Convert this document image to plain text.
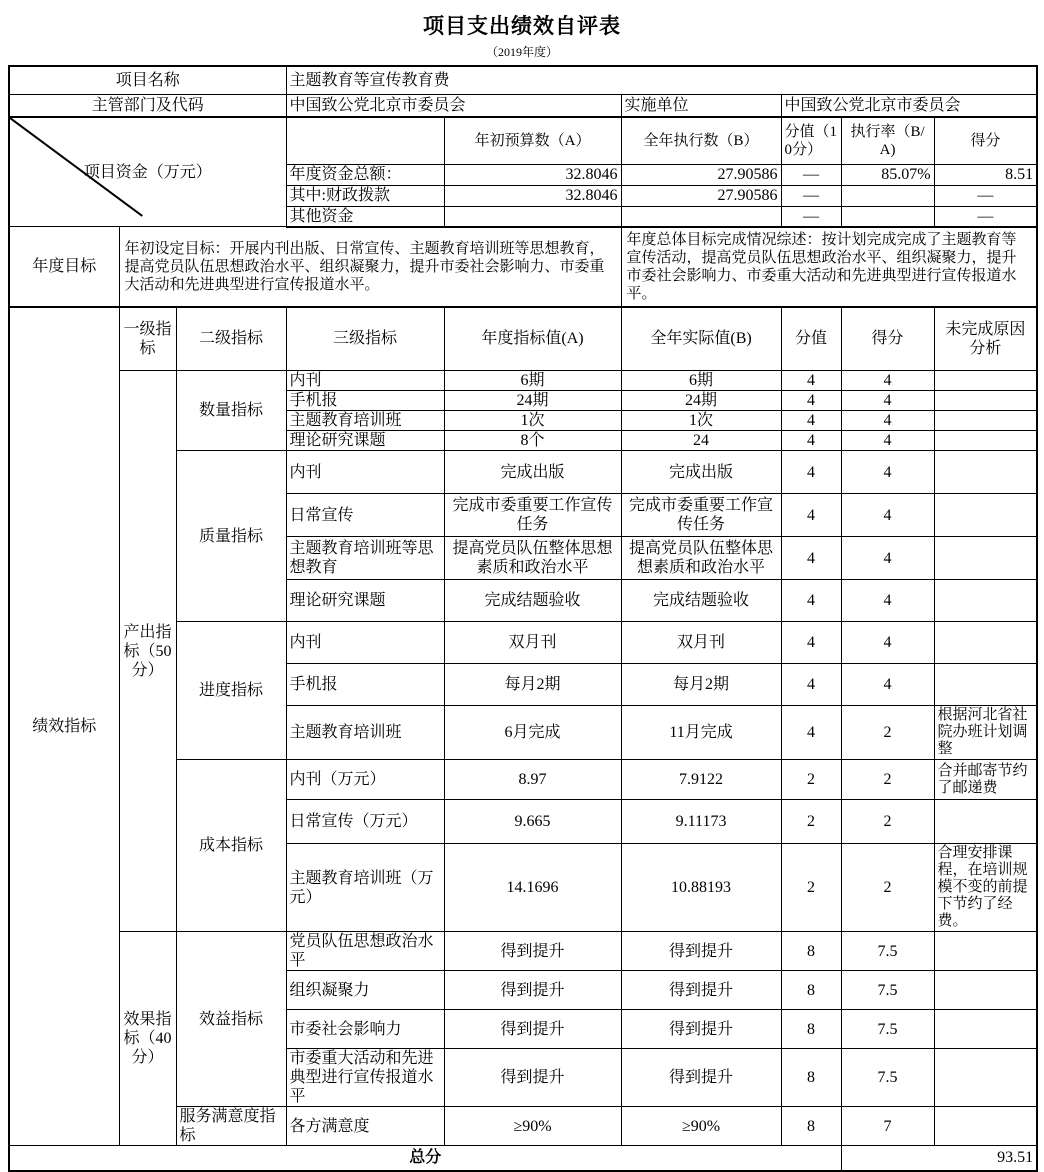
项目支出绩效自评表
（2019年度）
项目名称			主题教育等宣传教育费					
主管部门及代码			中国致公党北京市委员会		实施单位	中国致公党北京市委员会		

项目资金（万元）				年初预算数（A）	全年执行数（B）	分值（10分）	执行率（B/A)	得分
			年度资金总额：	32.8046	27.90586	—	85.07%	8.51
			其中:财政拨款	32.8046	27.90586	—		—
			其他资金			—		—
年度目标	年初设定目标：开展内刊出版、日常宣传、主题教育培训班等思想教育，提高党员队伍思想政治水平、组织凝聚力，提升市委社会影响力、市委重大活动和先进典型进行宣传报道水平。				年度总体目标完成情况综述：按计划完成完成了主题教育等宣传活动，提高党员队伍思想政治水平、组织凝聚力，提升市委社会影响力、市委重大活动和先进典型进行宣传报道水平。			
绩效指标	一级指标	二级指标	三级指标	年度指标值(A)	全年实际值(B)	分值	得分	未完成原因分析
	产出指标（50分）	数量指标	内刊	6期	6期	4	4	
			手机报	24期	24期	4	4	
			主题教育培训班	1次	1次	4	4	
			理论研究课题	8个	24	4	4	
		质量指标	内刊	完成出版	完成出版	4	4	
			日常宣传	完成市委重要工作宣传任务	完成市委重要工作宣传任务	4	4	
			主题教育培训班等思想教育	提高党员队伍整体思想素质和政治水平	提高党员队伍整体思想素质和政治水平	4	4	
			理论研究课题	完成结题验收	完成结题验收	4	4	
		进度指标	内刊	双月刊	双月刊	4	4	
			手机报	每月2期	每月2期	4	4	
			主题教育培训班	6月完成	11月完成	4	2	根据河北省社院办班计划调整
		成本指标	内刊（万元）	8.97	7.9122	2	2	合并邮寄节约了邮递费
			日常宣传（万元）	9.665	9.11173	2	2	
			主题教育培训班（万元）	14.1696	10.88193	2	2	合理安排课程，在培训规模不变的前提下节约了经费。
	效果指标（40分）	效益指标	党员队伍思想政治水平	得到提升	得到提升	8	7.5	
			组织凝聚力	得到提升	得到提升	8	7.5	
			市委社会影响力	得到提升	得到提升	8	7.5	
			市委重大活动和先进典型进行宣传报道水平	得到提升	得到提升	8	7.5	
		服务满意度指标	各方满意度	≥90%	≥90%	8	7	
总分							93.51	
